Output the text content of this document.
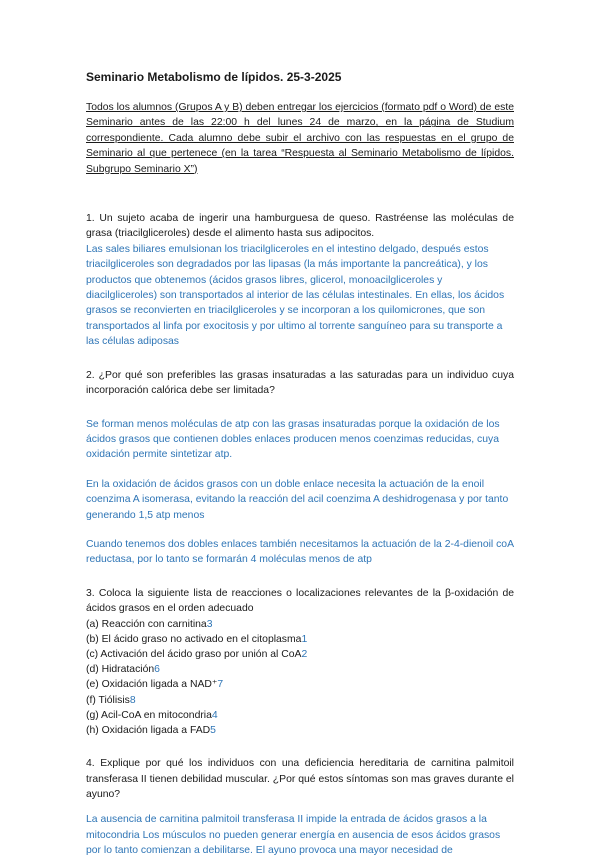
Seminario Metabolismo de lípidos. 25-3-2025

Todos los alumnos (Grupos A y B) deben entregar los ejercicios (formato pdf o Word) de este Seminario antes de las 22:00 h del lunes 24 de marzo, en la página de Studium correspondiente. Cada alumno debe subir el archivo con las respuestas en el grupo de Seminario al que pertenece (en la tarea “Respuesta al Seminario Metabolismo de lípidos. Subgrupo Seminario X”)

1. Un sujeto acaba de ingerir una hamburguesa de queso. Rastréense las moléculas de grasa (triacilgliceroles) desde el alimento hasta sus adipocitos.

Las sales biliares emulsionan los triacilgliceroles en el intestino delgado, después estos triacilgliceroles son degradados por las lipasas (la más importante la pancreática), y los productos que obtenemos (ácidos grasos libres, glicerol, monoacilgliceroles y diacilgliceroles) son transportados al interior de las células intestinales. En ellas, los ácidos grasos se reconvierten en triacilgliceroles y se incorporan a los quilomicrones, que son transportados al linfa por exocitosis y por ultimo al torrente sanguíneo para su transporte a las células adiposas

2. ¿Por qué son preferibles las grasas insaturadas a las saturadas para un individuo cuya incorporación calórica debe ser limitada?

Se forman menos moléculas de atp con las grasas insaturadas porque la oxidación de los ácidos grasos que contienen dobles enlaces producen menos coenzimas reducidas, cuya oxidación permite sintetizar atp.

En la oxidación de ácidos grasos con un doble enlace necesita la actuación de la enoil coenzima A isomerasa, evitando la reacción del acil coenzima A deshidrogenasa y por tanto generando 1,5 atp menos

Cuando tenemos dos dobles enlaces también necesitamos la actuación de la 2-4-dienoil coA reductasa, por lo tanto se formarán 4 moléculas menos de atp

3. Coloca la siguiente lista de reacciones o localizaciones relevantes de la β-oxidación de ácidos grasos en el orden adecuado

(a) Reacción con carnitina3
(b) El ácido graso no activado en el citoplasma1
(c) Activación del ácido graso por unión al CoA2
(d) Hidratación6
(e) Oxidación ligada a NAD⁺7
(f) Tiólisis8
(g) Acil-CoA en mitocondria4
(h) Oxidación ligada a FAD5

4. Explique por qué los individuos con una deficiencia hereditaria de carnitina palmitoil transferasa II tienen debilidad muscular. ¿Por qué estos síntomas son mas graves durante el ayuno?

La ausencia de carnitina palmitoil transferasa II impide la entrada de ácidos grasos a la mitocondria Los músculos no pueden generar energía en ausencia de esos ácidos grasos por lo tanto comienzan a debilitarse. El ayuno provoca una mayor necesidad de
